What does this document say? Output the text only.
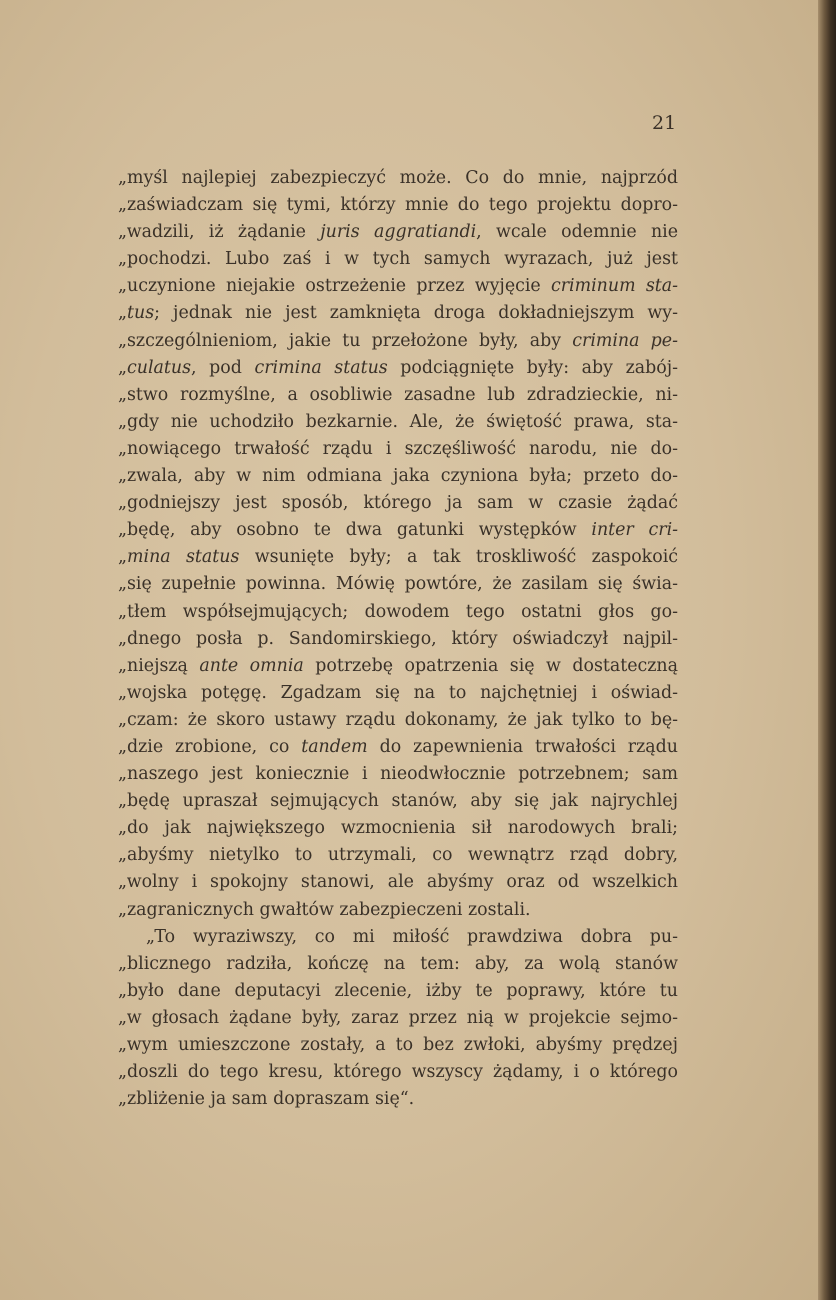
21
„myśl najlepiej zabezpieczyć może. Co do mnie, najprzód
„zaświadczam się tymi, którzy mnie do tego projektu dopro-
„wadzili, iż żądanie juris aggratiandi, wcale odemnie nie
„pochodzi. Lubo zaś i w tych samych wyrazach, już jest
„uczynione niejakie ostrzeżenie przez wyjęcie criminum sta-
„tus; jednak nie jest zamknięta droga dokładniejszym wy-
„szczególnieniom, jakie tu przełożone były, aby crimina pe-
„culatus, pod crimina status podciągnięte były: aby zabój-
„stwo rozmyślne, a osobliwie zasadne lub zdradzieckie, ni-
„gdy nie uchodziło bezkarnie. Ale, że świętość prawa, sta-
„nowiącego trwałość rządu i szczęśliwość narodu, nie do-
„zwala, aby w nim odmiana jaka czyniona była; przeto do-
„godniejszy jest sposób, którego ja sam w czasie żądać
„będę, aby osobno te dwa gatunki występków inter cri-
„mina status wsunięte były; a tak troskliwość zaspokoić
„się zupełnie powinna. Mówię powtóre, że zasilam się świa-
„tłem współsejmujących; dowodem tego ostatni głos go-
„dnego posła p. Sandomirskiego, który oświadczył najpil-
„niejszą ante omnia potrzebę opatrzenia się w dostateczną
„wojska potęgę. Zgadzam się na to najchętniej i oświad-
„czam: że skoro ustawy rządu dokonamy, że jak tylko to bę-
„dzie zrobione, co tandem do zapewnienia trwałości rządu
„naszego jest koniecznie i nieodwłocznie potrzebnem; sam
„będę upraszał sejmujących stanów, aby się jak najrychlej
„do jak największego wzmocnienia sił narodowych brali;
„abyśmy nietylko to utrzymali, co wewnątrz rząd dobry,
„wolny i spokojny stanowi, ale abyśmy oraz od wszelkich
„zagranicznych gwałtów zabezpieczeni zostali.
„To wyraziwszy, co mi miłość prawdziwa dobra pu-
„blicznego radziła, kończę na tem: aby, za wolą stanów
„było dane deputacyi zlecenie, iżby te poprawy, które tu
„w głosach żądane były, zaraz przez nią w projekcie sejmo-
„wym umieszczone zostały, a to bez zwłoki, abyśmy prędzej
„doszli do tego kresu, którego wszyscy żądamy, i o którego
„zbliżenie ja sam dopraszam się“.
